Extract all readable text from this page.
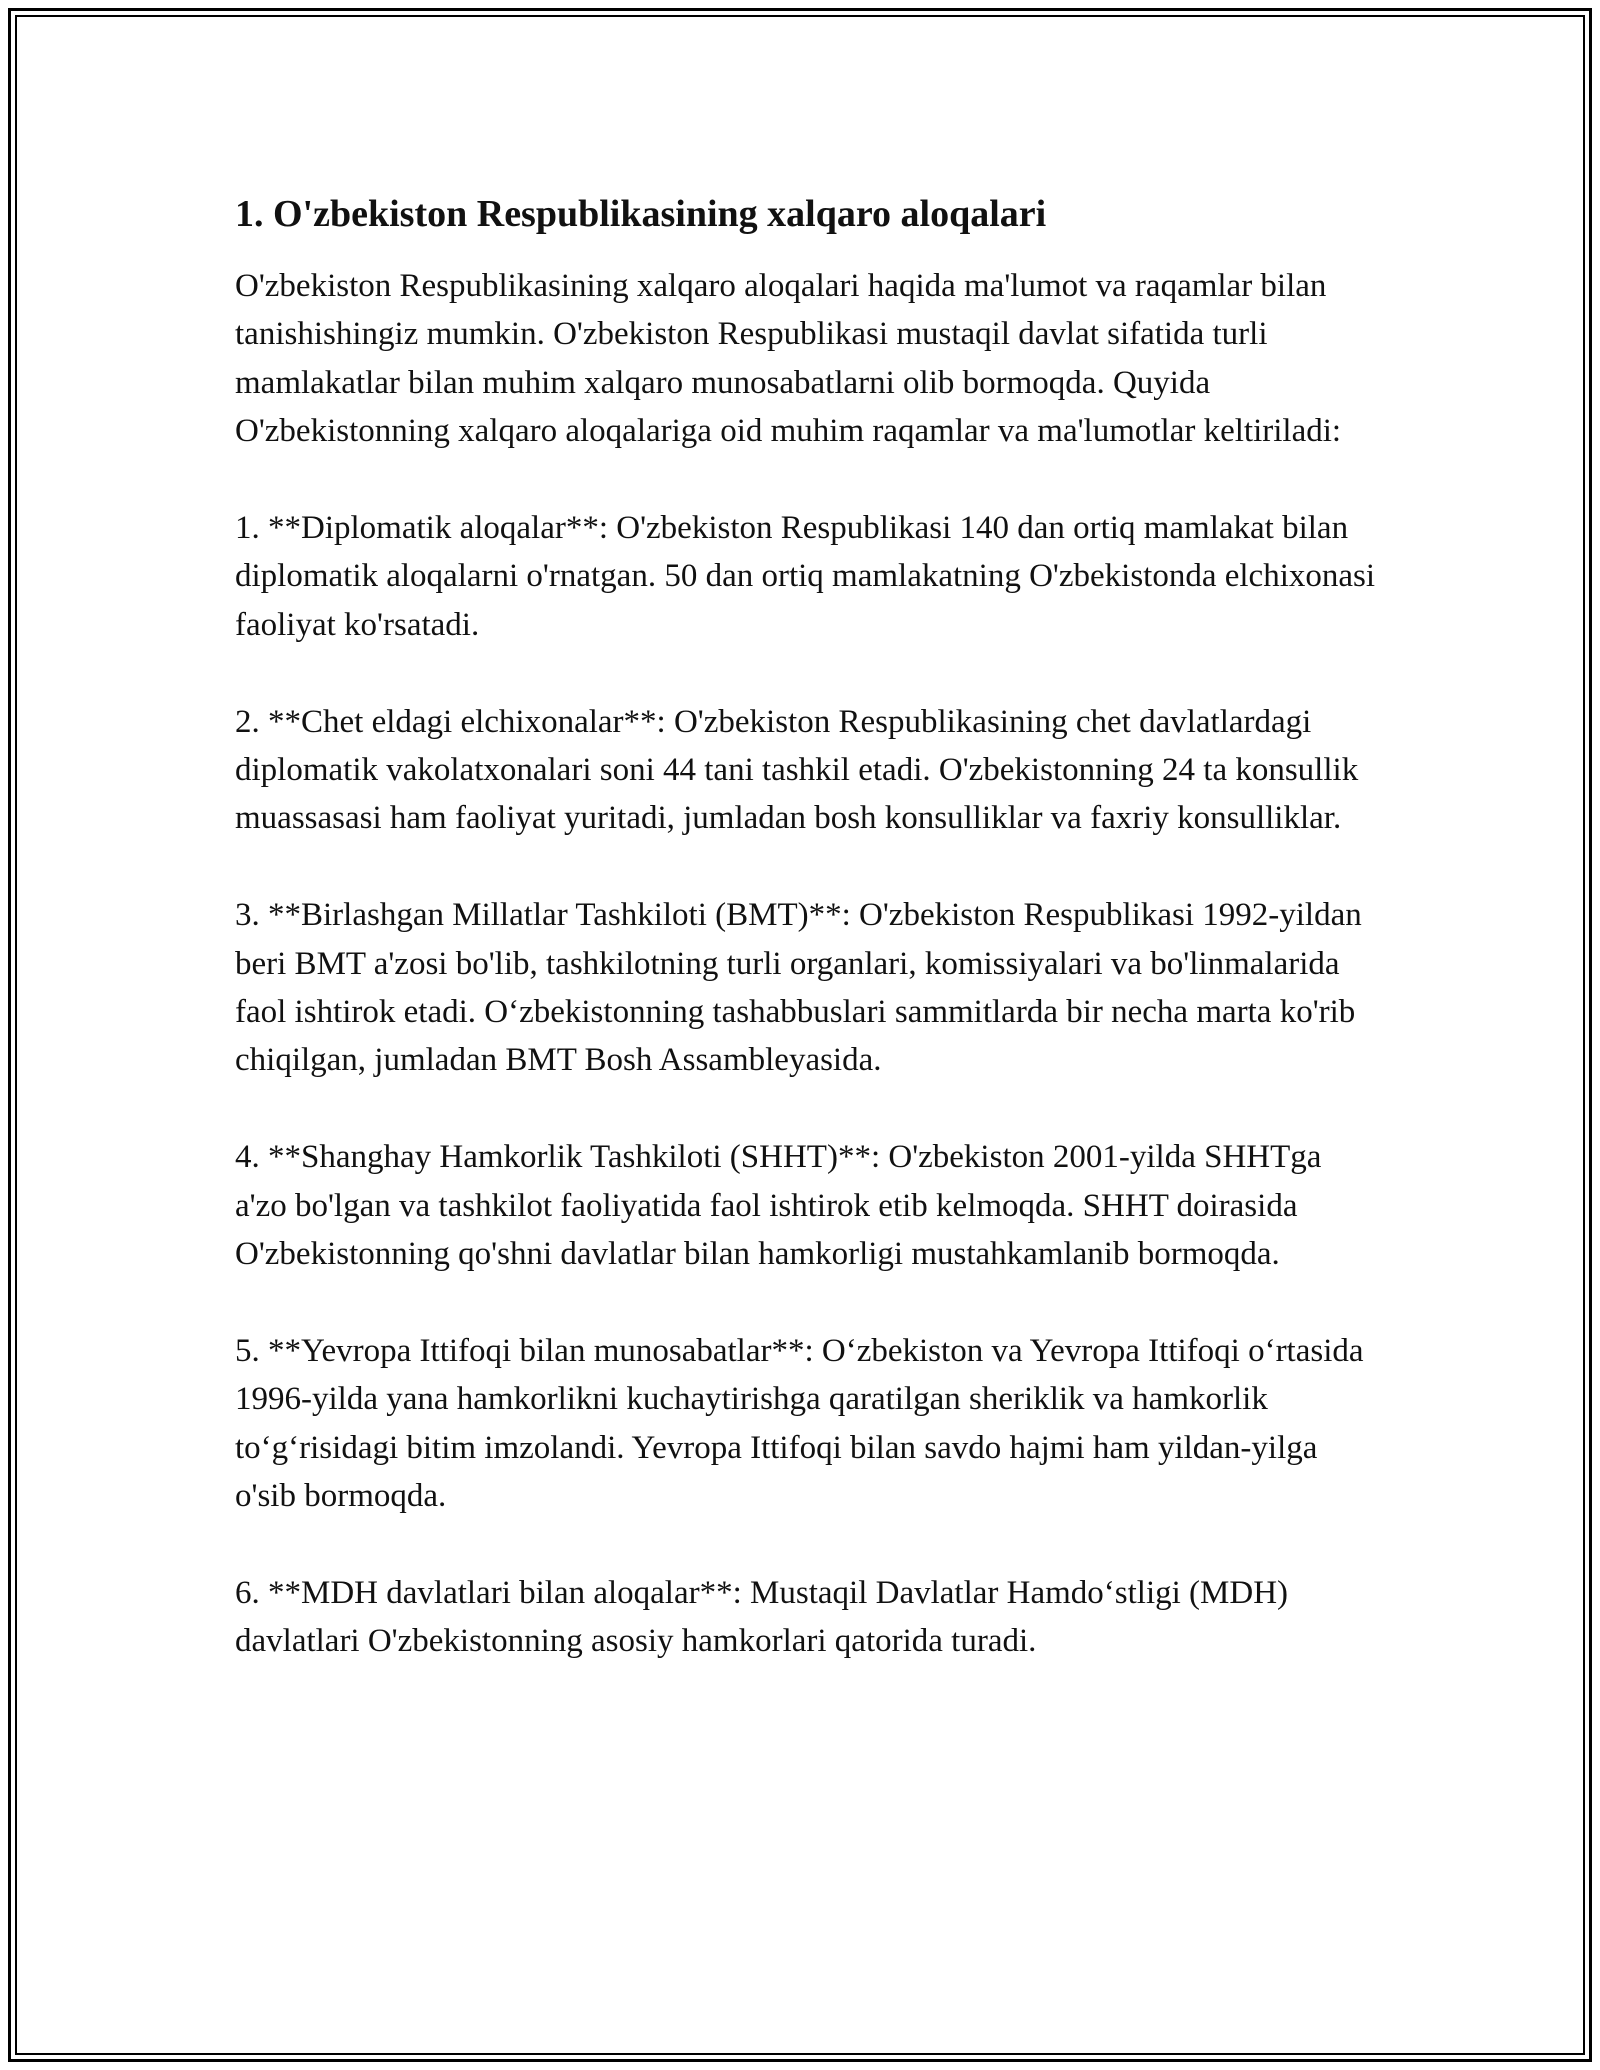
1. O'zbekiston Respublikasining xalqaro aloqalari

O'zbekiston Respublikasining xalqaro aloqalari haqida ma'lumot va raqamlar bilan tanishishingiz mumkin. O'zbekiston Respublikasi mustaqil davlat sifatida turli mamlakatlar bilan muhim xalqaro munosabatlarni olib bormoqda. Quyida O'zbekistonning xalqaro aloqalariga oid muhim raqamlar va ma'lumotlar keltiriladi:

1. **Diplomatik aloqalar**: O'zbekiston Respublikasi 140 dan ortiq mamlakat bilan diplomatik aloqalarni o'rnatgan. 50 dan ortiq mamlakatning O'zbekistonda elchixonasi faoliyat ko'rsatadi.

2. **Chet eldagi elchixonalar**: O'zbekiston Respublikasining chet davlatlardagi diplomatik vakolatxonalari soni 44 tani tashkil etadi. O'zbekistonning 24 ta konsullik muassasasi ham faoliyat yuritadi, jumladan bosh konsulliklar va faxriy konsulliklar.

3. **Birlashgan Millatlar Tashkiloti (BMT)**: O'zbekiston Respublikasi 1992-yildan beri BMT a'zosi bo'lib, tashkilotning turli organlari, komissiyalari va bo'linmalarida faol ishtirok etadi. O‘zbekistonning tashabbuslari sammitlarda bir necha marta ko'rib chiqilgan, jumladan BMT Bosh Assambleyasida.

4. **Shanghay Hamkorlik Tashkiloti (SHHT)**: O'zbekiston 2001-yilda SHHTga a'zo bo'lgan va tashkilot faoliyatida faol ishtirok etib kelmoqda. SHHT doirasida O'zbekistonning qo'shni davlatlar bilan hamkorligi mustahkamlanib bormoqda.

5. **Yevropa Ittifoqi bilan munosabatlar**: O‘zbekiston va Yevropa Ittifoqi o‘rtasida 1996-yilda yana hamkorlikni kuchaytirishga qaratilgan sheriklik va hamkorlik to‘g‘risidagi bitim imzolandi. Yevropa Ittifoqi bilan savdo hajmi ham yildan-yilga o'sib bormoqda.

6. **MDH davlatlari bilan aloqalar**: Mustaqil Davlatlar Hamdo‘stligi (MDH) davlatlari O'zbekistonning asosiy hamkorlari qatorida turadi.
